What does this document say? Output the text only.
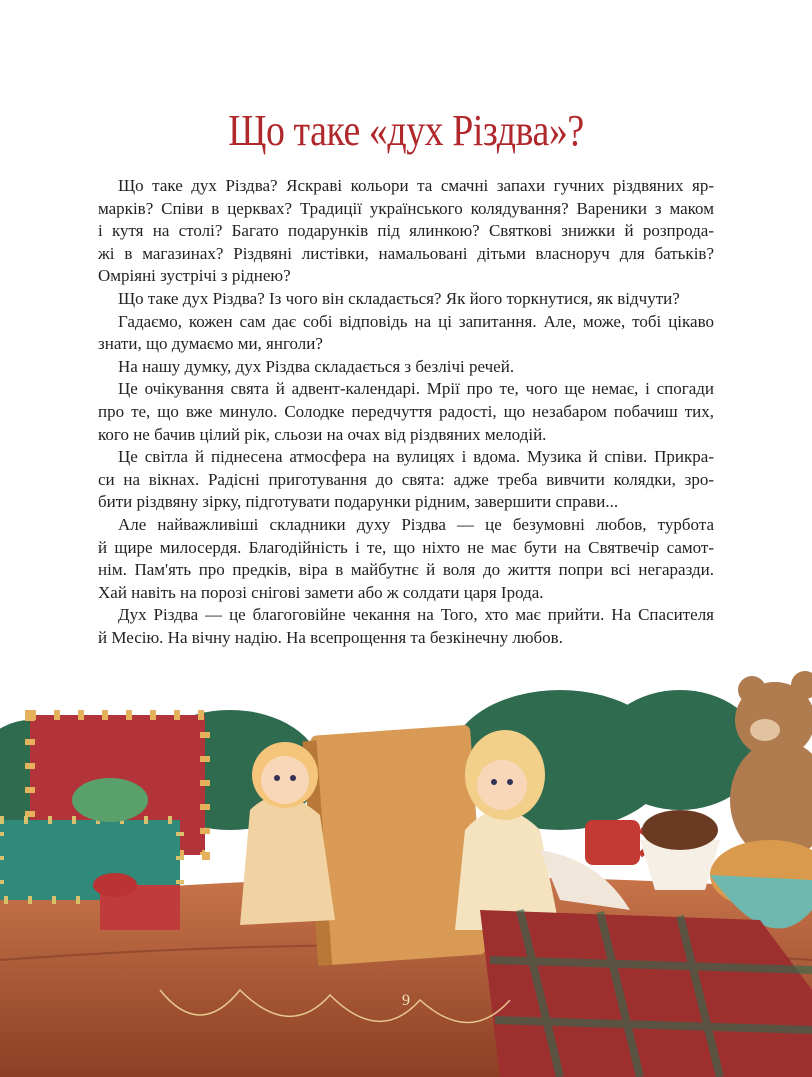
Що таке «дух Різдва»?
Що таке дух Різдва? Яскраві кольори та смачні запахи гучних різдвяних яр-
марків? Співи в церквах? Традиції українського колядування? Вареники з маком
і кутя на столі? Багато подарунків під ялинкою? Святкові знижки й розпрода-
жі в магазинах? Різдвяні листівки, намальовані дітьми власноруч для батьків?
Омріяні зустрічі з ріднею?
Що таке дух Різдва? Із чого він складається? Як його торкнутися, як відчути?
Гадаємо, кожен сам дає собі відповідь на ці запитання. Але, може, тобі цікаво
знати, що думаємо ми, янголи?
На нашу думку, дух Різдва складається з безлічі речей.
Це очікування свята й адвент-календарі. Мрії про те, чого ще немає, і спогади
про те, що вже минуло. Солодке передчуття радості, що незабаром побачиш тих,
кого не бачив цілий рік, сльози на очах від різдвяних мелодій.
Це світла й піднесена атмосфера на вулицях і вдома. Музика й співи. Прикра-
си на вікнах. Радісні приготування до свята: адже треба вивчити колядки, зро-
бити різдвяну зірку, підготувати подарунки рідним, завершити справи...
Але найважливіші складники духу Різдва — це безумовні любов, турбота
й щире милосердя. Благодійність і те, що ніхто не має бути на Святвечір самот-
нім. Пам'ять про предків, віра в майбутнє й воля до життя попри всі негаразди.
Хай навіть на порозі снігові замети або ж солдати царя Ірода.
Дух Різдва — це благоговійне чекання на Того, хто має прийти. На Спасителя
й Месію. На вічну надію. На всепрощення та безкінечну любов.
9
